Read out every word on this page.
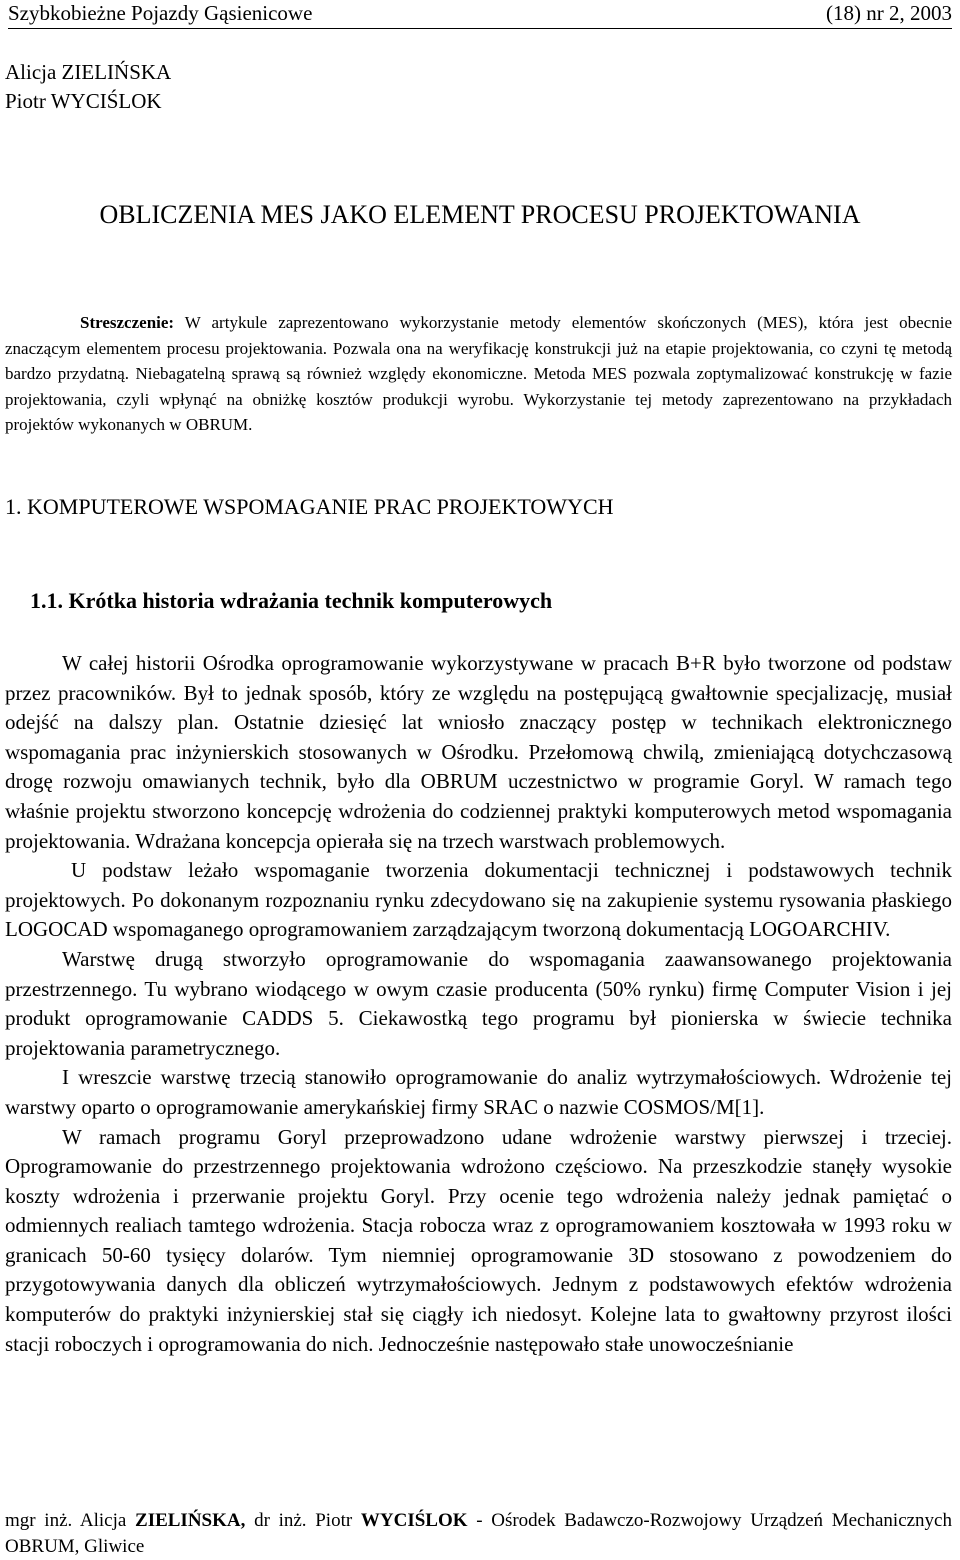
Szybkobieżne Pojazdy Gąsienicowe	(18) nr 2, 2003
Alicja ZIELIŃSKA
Piotr WYCIŚLOK
OBLICZENIA MES JAKO ELEMENT PROCESU PROJEKTOWANIA

Streszczenie: W artykule zaprezentowano wykorzystanie metody elementów skończonych (MES), która jest obecnie znaczącym elementem procesu projektowania. Pozwala ona na weryfikację konstrukcji już na etapie projektowania, co czyni tę metodą bardzo przydatną. Niebagatelną sprawą są również względy ekonomiczne. Metoda MES pozwala zoptymalizować konstrukcję w fazie projektowania, czyli wpłynąć na obniżkę kosztów produkcji wyrobu. Wykorzystanie tej metody zaprezentowano na przykładach projektów wykonanych w OBRUM.

1. KOMPUTEROWE WSPOMAGANIE PRAC PROJEKTOWYCH
1.1. Krótka historia wdrażania technik komputerowych

W całej historii Ośrodka oprogramowanie wykorzystywane w pracach B+R było tworzone od podstaw przez pracowników. Był to jednak sposób, który ze względu na postępującą gwałtownie specjalizację, musiał odejść na dalszy plan. Ostatnie dziesięć lat wniosło znaczący postęp w technikach elektronicznego wspomagania prac inżynierskich stosowanych w Ośrodku. Przełomową chwilą, zmieniającą dotychczasową drogę rozwoju omawianych technik, było dla OBRUM uczestnictwo w programie Goryl. W ramach tego właśnie projektu stworzono koncepcję wdrożenia do codziennej praktyki komputerowych metod wspomagania projektowania. Wdrażana koncepcja opierała się na trzech warstwach problemowych.

U podstaw leżało wspomaganie tworzenia dokumentacji technicznej i podstawowych technik projektowych. Po dokonanym rozpoznaniu rynku zdecydowano się na zakupienie systemu rysowania płaskiego LOGOCAD wspomaganego oprogramowaniem zarządzającym tworzoną dokumentacją LOGOARCHIV.

Warstwę drugą stworzyło oprogramowanie do wspomagania zaawansowanego projektowania przestrzennego. Tu wybrano wiodącego w owym czasie producenta (50% rynku) firmę Computer Vision i jej produkt oprogramowanie CADDS 5. Ciekawostką tego programu był pionierska w świecie technika projektowania parametrycznego.

I wreszcie warstwę trzecią stanowiło oprogramowanie do analiz wytrzymałościowych. Wdrożenie tej warstwy oparto o oprogramowanie amerykańskiej firmy SRAC o nazwie COSMOS/M[1].

W ramach programu Goryl przeprowadzono udane wdrożenie warstwy pierwszej i trzeciej. Oprogramowanie do przestrzennego projektowania wdrożono częściowo. Na przeszkodzie stanęły wysokie koszty wdrożenia i przerwanie projektu Goryl. Przy ocenie tego wdrożenia należy jednak pamiętać o odmiennych realiach tamtego wdrożenia. Stacja robocza wraz z oprogramowaniem kosztowała w 1993 roku w granicach 50-60 tysięcy dolarów. Tym niemniej oprogramowanie 3D stosowano z powodzeniem do przygotowywania danych dla obliczeń wytrzymałościowych. Jednym z podstawowych efektów wdrożenia komputerów do praktyki inżynierskiej stał się ciągły ich niedosyt. Kolejne lata to gwałtowny przyrost ilości stacji roboczych i oprogramowania do nich. Jednocześnie następowało stałe unowocześnianie

mgr inż. Alicja ZIELIŃSKA, dr inż. Piotr WYCIŚLOK - Ośrodek Badawczo-Rozwojowy Urządzeń Mechanicznych OBRUM, Gliwice
